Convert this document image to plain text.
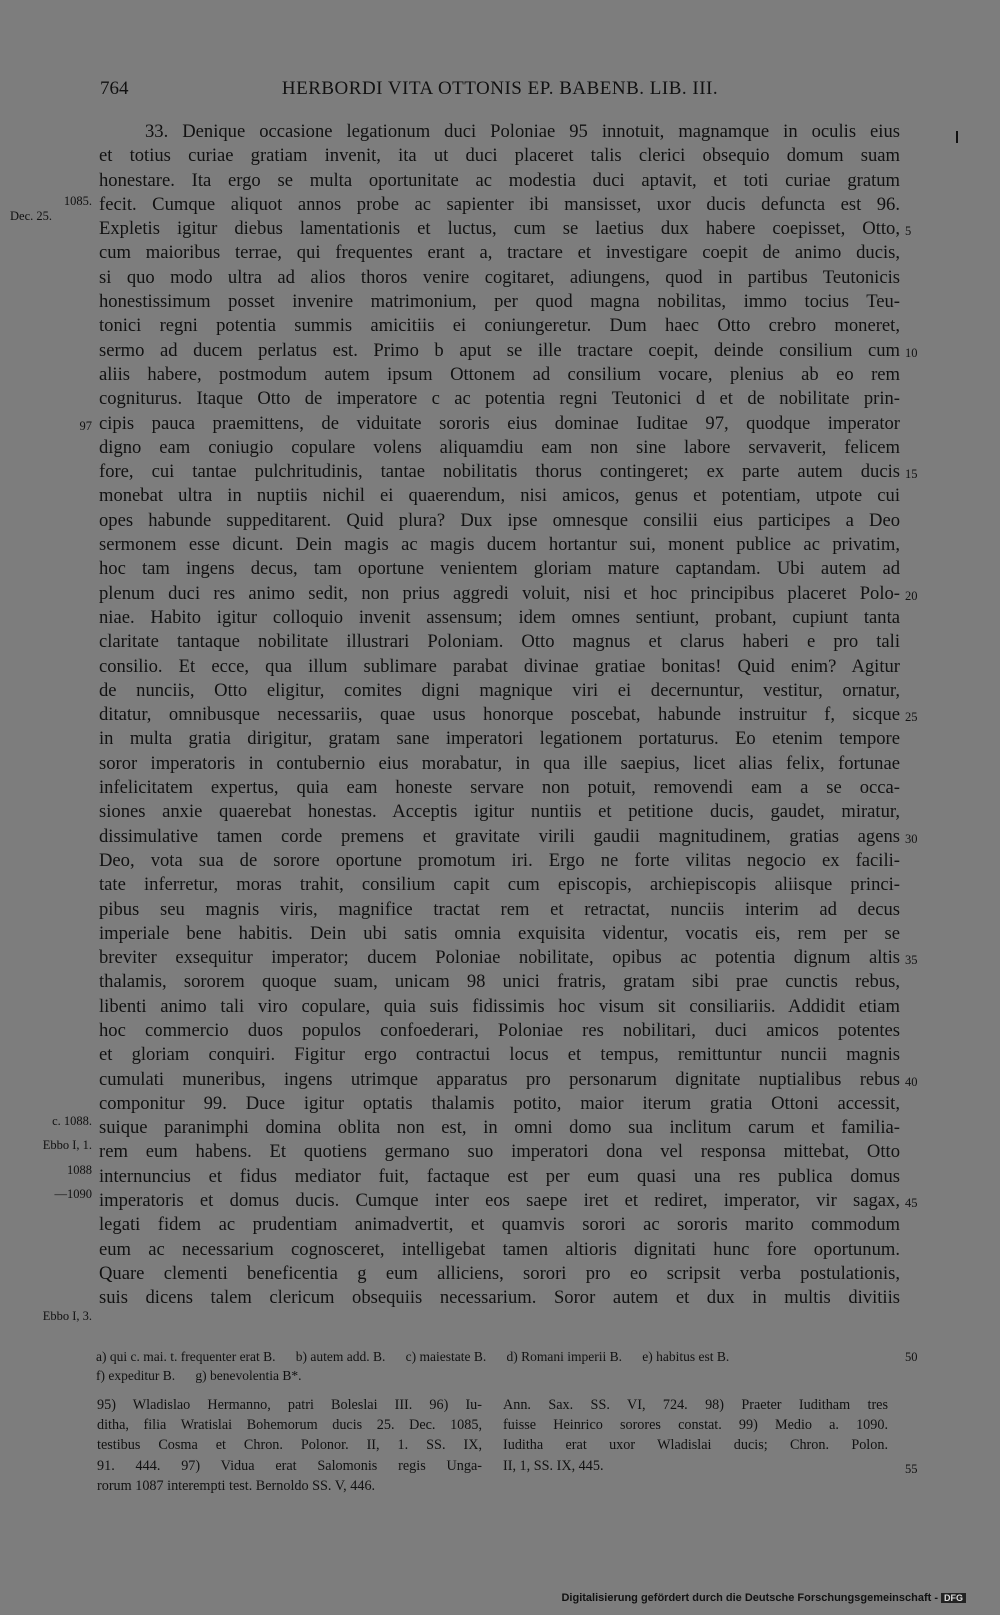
764	HERBORDI VITA OTTONIS EP. BABENB. LIB. III.
33. Denique occasione legationum duci Poloniae 95 innotuit, magnamque in oculis eius
et totius curiae gratiam invenit, ita ut duci placeret talis clerici obsequio domum suam
honestare. Ita ergo se multa oportunitate ac modestia duci aptavit, et toti curiae gratum
fecit. Cumque aliquot annos probe ac sapienter ibi mansisset, uxor ducis defuncta est 96.
Expletis igitur diebus lamentationis et luctus, cum se laetius dux habere coepisset, Otto,
cum maioribus terrae, qui frequentes erant a, tractare et investigare coepit de animo ducis,
si quo modo ultra ad alios thoros venire cogitaret, adiungens, quod in partibus Teutonicis
honestissimum posset invenire matrimonium, per quod magna nobilitas, immo tocius Teu-
tonici regni potentia summis amicitiis ei coniungeretur. Dum haec Otto crebro moneret,
sermo ad ducem perlatus est. Primo b aput se ille tractare coepit, deinde consilium cum
aliis habere, postmodum autem ipsum Ottonem ad consilium vocare, plenius ab eo rem
cogniturus. Itaque Otto de imperatore c ac potentia regni Teutonici d et de nobilitate prin-
cipis pauca praemittens, de viduitate sororis eius dominae Iuditae 97, quodque imperator
digno eam coniugio copulare volens aliquamdiu eam non sine labore servaverit, felicem
fore, cui tantae pulchritudinis, tantae nobilitatis thorus contingeret; ex parte autem ducis
monebat ultra in nuptiis nichil ei quaerendum, nisi amicos, genus et potentiam, utpote cui
opes habunde suppeditarent. Quid plura? Dux ipse omnesque consilii eius participes a Deo
sermonem esse dicunt. Dein magis ac magis ducem hortantur sui, monent publice ac privatim,
hoc tam ingens decus, tam oportune venientem gloriam mature captandam. Ubi autem ad
plenum duci res animo sedit, non prius aggredi voluit, nisi et hoc principibus placeret Polo-
niae. Habito igitur colloquio invenit assensum; idem omnes sentiunt, probant, cupiunt tanta
claritate tantaque nobilitate illustrari Poloniam. Otto magnus et clarus haberi e pro tali
consilio. Et ecce, qua illum sublimare parabat divinae gratiae bonitas! Quid enim? Agitur
de nunciis, Otto eligitur, comites digni magnique viri ei decernuntur, vestitur, ornatur,
ditatur, omnibusque necessariis, quae usus honorque poscebat, habunde instruitur f, sicque
in multa gratia dirigitur, gratam sane imperatori legationem portaturus. Eo etenim tempore
soror imperatoris in contubernio eius morabatur, in qua ille saepius, licet alias felix, fortunae
infelicitatem expertus, quia eam honeste servare non potuit, removendi eam a se occa-
siones anxie quaerebat honestas. Acceptis igitur nuntiis et petitione ducis, gaudet, miratur,
dissimulative tamen corde premens et gravitate virili gaudii magnitudinem, gratias agens
Deo, vota sua de sorore oportune promotum iri. Ergo ne forte vilitas negocio ex facili-
tate inferretur, moras trahit, consilium capit cum episcopis, archiepiscopis aliisque princi-
pibus seu magnis viris, magnifice tractat rem et retractat, nunciis interim ad decus
imperiale bene habitis. Dein ubi satis omnia exquisita videntur, vocatis eis, rem per se
breviter exsequitur imperator; ducem Poloniae nobilitate, opibus ac potentia dignum altis
thalamis, sororem quoque suam, unicam 98 unici fratris, gratam sibi prae cunctis rebus,
libenti animo tali viro copulare, quia suis fidissimis hoc visum sit consiliariis. Addidit etiam
hoc commercio duos populos confoederari, Poloniae res nobilitari, duci amicos potentes
et gloriam conquiri. Figitur ergo contractui locus et tempus, remittuntur nuncii magnis
cumulati muneribus, ingens utrimque apparatus pro personarum dignitate nuptialibus rebus
componitur 99. Duce igitur optatis thalamis potito, maior iterum gratia Ottoni accessit,
suique paranimphi domina oblita non est, in omni domo sua inclitum carum et familia-
rem eum habens. Et quotiens germano suo imperatori dona vel responsa mittebat, Otto
internuncius et fidus mediator fuit, factaque est per eum quasi una res publica domus
imperatoris et domus ducis. Cumque inter eos saepe iret et rediret, imperator, vir sagax,
legati fidem ac prudentiam animadvertit, et quamvis sorori ac sororis marito commodum
eum ac necessarium cognosceret, intelligebat tamen altioris dignitati hunc fore oportunum.
Quare clementi beneficentia g eum alliciens, sorori pro eo scripsit verba postulationis,
suis dicens talem clericum obsequiis necessarium. Soror autem et dux in multis divitiis
1085.
Dec. 25.
97
c. 1088.
Ebbo I, 1.
1088
—1090
Ebbo I, 3.
5
10
15
20
25
30
35
40
45
50
55
a) qui c. mai. t. frequenter erat B.      b) autem add. B.      c) maiestate B.      d) Romani imperii B.      e) habitus est B.
f) expeditur B.      g) benevolentia B*.
95) Wladislao Hermanno, patri Boleslai III. 96) Iu-
ditha, filia Wratislai Bohemorum ducis 25. Dec. 1085,
testibus Cosma et Chron. Polonor. II, 1. SS. IX,
91. 444. 97) Vidua erat Salomonis regis Unga-
rorum 1087 interempti test. Bernoldo SS. V, 446.
Ann. Sax. SS. VI, 724. 98) Praeter Iuditham tres
fuisse Heinrico sorores constat. 99) Medio a. 1090.
Iuditha erat uxor Wladislai ducis; Chron. Polon.
II, 1, SS. IX, 445.
Digitalisierung gefördert durch die Deutsche Forschungsgemeinschaft - DFG
